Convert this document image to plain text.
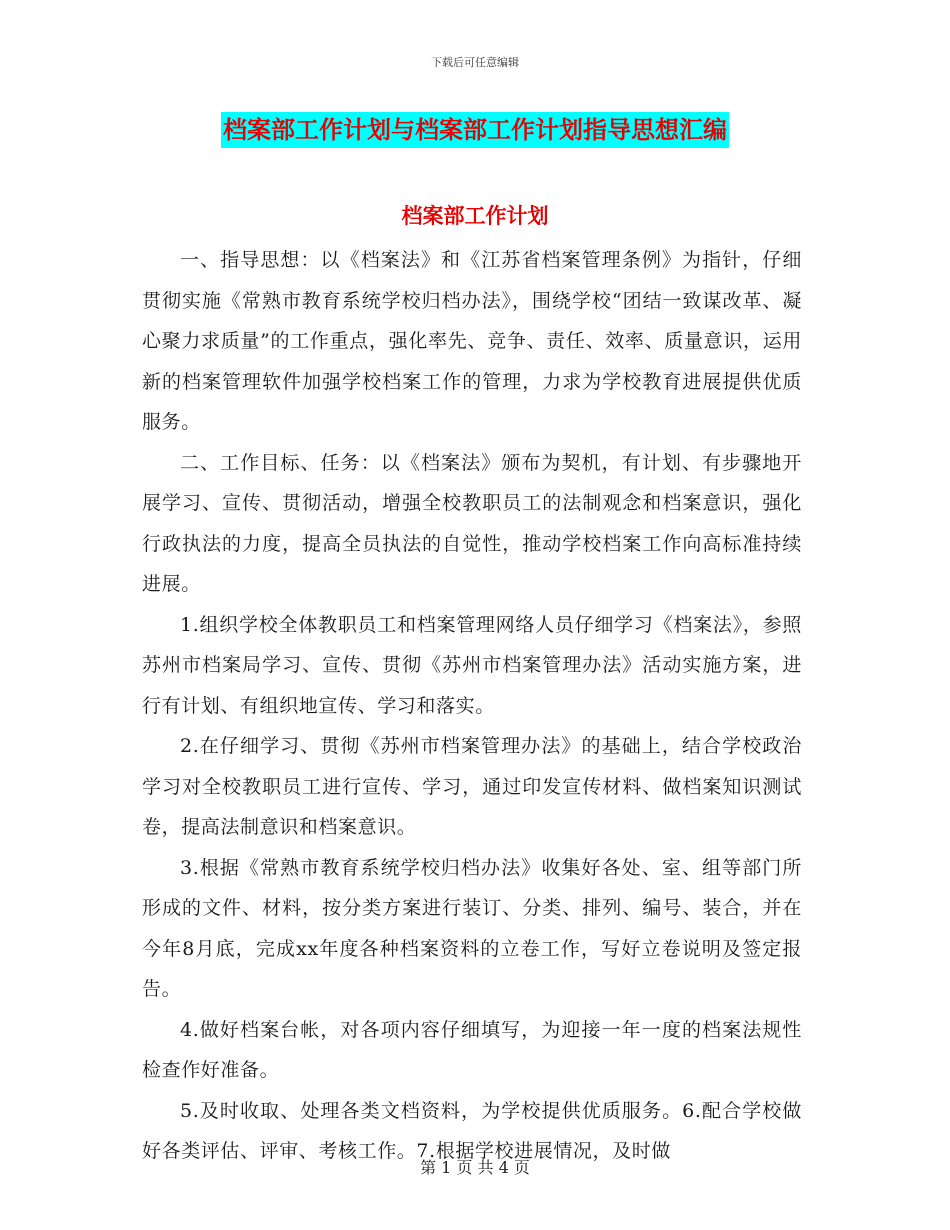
下载后可任意编辑
档案部工作计划与档案部工作计划指导思想汇编
档案部工作计划

一、指导思想：以《档案法》和《江苏省档案管理条例》为指针，仔细贯彻实施《常熟市教育系统学校归档办法》，围绕学校“团结一致谋改革、凝心聚力求质量”的工作重点，强化率先、竞争、责任、效率、质量意识，运用新的档案管理软件加强学校档案工作的管理，力求为学校教育进展提供优质服务。

二、工作目标、任务：以《档案法》颁布为契机，有计划、有步骤地开展学习、宣传、贯彻活动，增强全校教职员工的法制观念和档案意识，强化行政执法的力度，提高全员执法的自觉性，推动学校档案工作向高标准持续进展。

1.组织学校全体教职员工和档案管理网络人员仔细学习《档案法》，参照苏州市档案局学习、宣传、贯彻《苏州市档案管理办法》活动实施方案，进行有计划、有组织地宣传、学习和落实。

2.在仔细学习、贯彻《苏州市档案管理办法》的基础上，结合学校政治学习对全校教职员工进行宣传、学习，通过印发宣传材料、做档案知识测试卷，提高法制意识和档案意识。

3.根据《常熟市教育系统学校归档办法》收集好各处、室、组等部门所形成的文件、材料，按分类方案进行装订、分类、排列、编号、装合，并在今年8月底，完成xx年度各种档案资料的立卷工作，写好立卷说明及签定报告。

4.做好档案台帐，对各项内容仔细填写，为迎接一年一度的档案法规性检查作好准备。

5.及时收取、处理各类文档资料，为学校提供优质服务。6.配合学校做好各类评估、评审、考核工作。7.根据学校进展情况，及时做

第 1 页 共 4 页
